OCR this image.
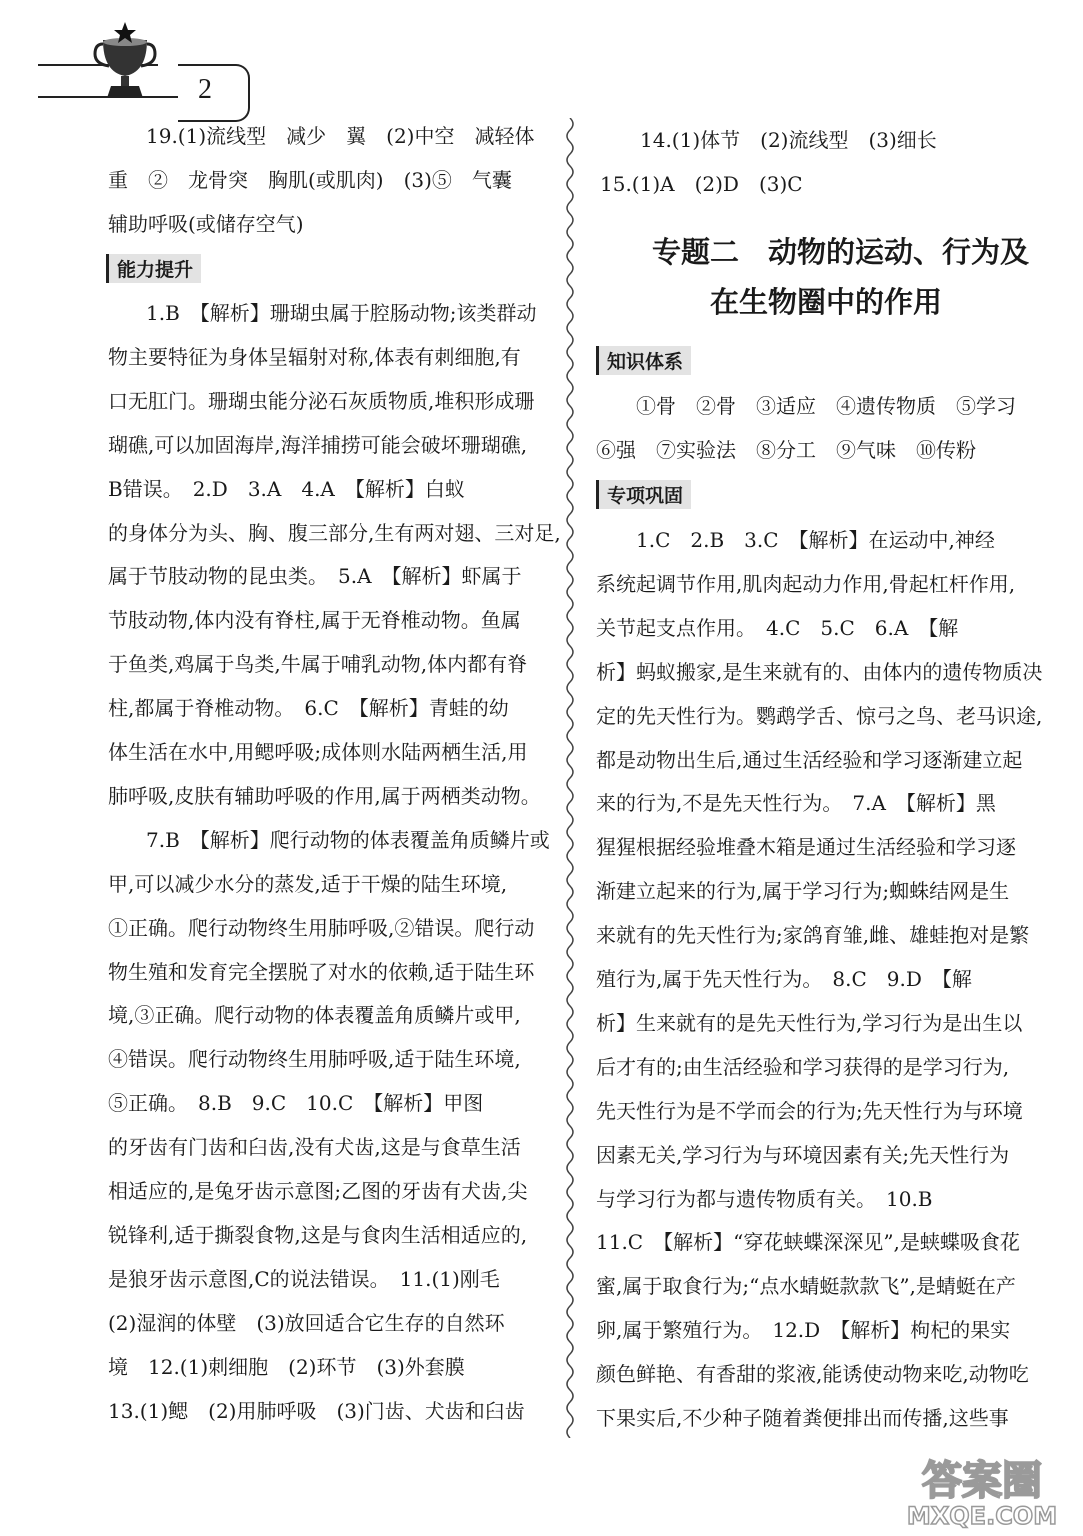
2

19.(1)流线型　减少　翼　(2)中空　减轻体

重　②　龙骨突　胸肌(或肌肉)　(3)⑤　气囊

辅助呼吸(或储存空气)

能力提升

1.B　【解析】珊瑚虫属于腔肠动物;该类群动

物主要特征为身体呈辐射对称,体表有刺细胞,有

口无肛门。珊瑚虫能分泌石灰质物质,堆积形成珊

瑚礁,可以加固海岸,海洋捕捞可能会破坏珊瑚礁,

B错误。　2.D　3.A　4.A　【解析】白蚁

的身体分为头、胸、腹三部分,生有两对翅、三对足,

属于节肢动物的昆虫类。　5.A　【解析】虾属于

节肢动物,体内没有脊柱,属于无脊椎动物。鱼属

于鱼类,鸡属于鸟类,牛属于哺乳动物,体内都有脊

柱,都属于脊椎动物。　6.C　【解析】青蛙的幼

体生活在水中,用鳃呼吸;成体则水陆两栖生活,用

肺呼吸,皮肤有辅助呼吸的作用,属于两栖类动物。

7.B　【解析】爬行动物的体表覆盖角质鳞片或

甲,可以减少水分的蒸发,适于干燥的陆生环境,

①正确。爬行动物终生用肺呼吸,②错误。爬行动

物生殖和发育完全摆脱了对水的依赖,适于陆生环

境,③正确。爬行动物的体表覆盖角质鳞片或甲,

④错误。爬行动物终生用肺呼吸,适于陆生环境,

⑤正确。　8.B　9.C　10.C　【解析】甲图

的牙齿有门齿和臼齿,没有犬齿,这是与食草生活

相适应的,是兔牙齿示意图;乙图的牙齿有犬齿,尖

锐锋利,适于撕裂食物,这是与食肉生活相适应的,

是狼牙齿示意图,C的说法错误。　11.(1)刚毛

(2)湿润的体壁　(3)放回适合它生存的自然环

境　12.(1)刺细胞　(2)环节　(3)外套膜

13.(1)鳃　(2)用肺呼吸　(3)门齿、犬齿和臼齿

14.(1)体节　(2)流线型　(3)细长

15.(1)A　(2)D　(3)C

专题二　动物的运动、行为及
在生物圈中的作用
知识体系

①骨　②骨　③适应　④遗传物质　⑤学习

⑥强　⑦实验法　⑧分工　⑨气味　⑩传粉

专项巩固

1.C　2.B　3.C　【解析】在运动中,神经

系统起调节作用,肌肉起动力作用,骨起杠杆作用,

关节起支点作用。　4.C　5.C　6.A　【解

析】蚂蚁搬家,是生来就有的、由体内的遗传物质决

定的先天性行为。鹦鹉学舌、惊弓之鸟、老马识途,

都是动物出生后,通过生活经验和学习逐渐建立起

来的行为,不是先天性行为。　7.A　【解析】黑

猩猩根据经验堆叠木箱是通过生活经验和学习逐

渐建立起来的行为,属于学习行为;蜘蛛结网是生

来就有的先天性行为;家鸽育雏,雌、雄蛙抱对是繁

殖行为,属于先天性行为。　8.C　9.D　【解

析】生来就有的是先天性行为,学习行为是出生以

后才有的;由生活经验和学习获得的是学习行为,

先天性行为是不学而会的行为;先天性行为与环境

因素无关,学习行为与环境因素有关;先天性行为

与学习行为都与遗传物质有关。　10.B

11.C　【解析】“穿花蛱蝶深深见”,是蛱蝶吸食花

蜜,属于取食行为;“点水蜻蜓款款飞”,是蜻蜓在产

卵,属于繁殖行为。　12.D　【解析】枸杞的果实

颜色鲜艳、有香甜的浆液,能诱使动物来吃,动物吃

下果实后,不少种子随着粪便排出而传播,这些事

答案圈
MXQE.COM
